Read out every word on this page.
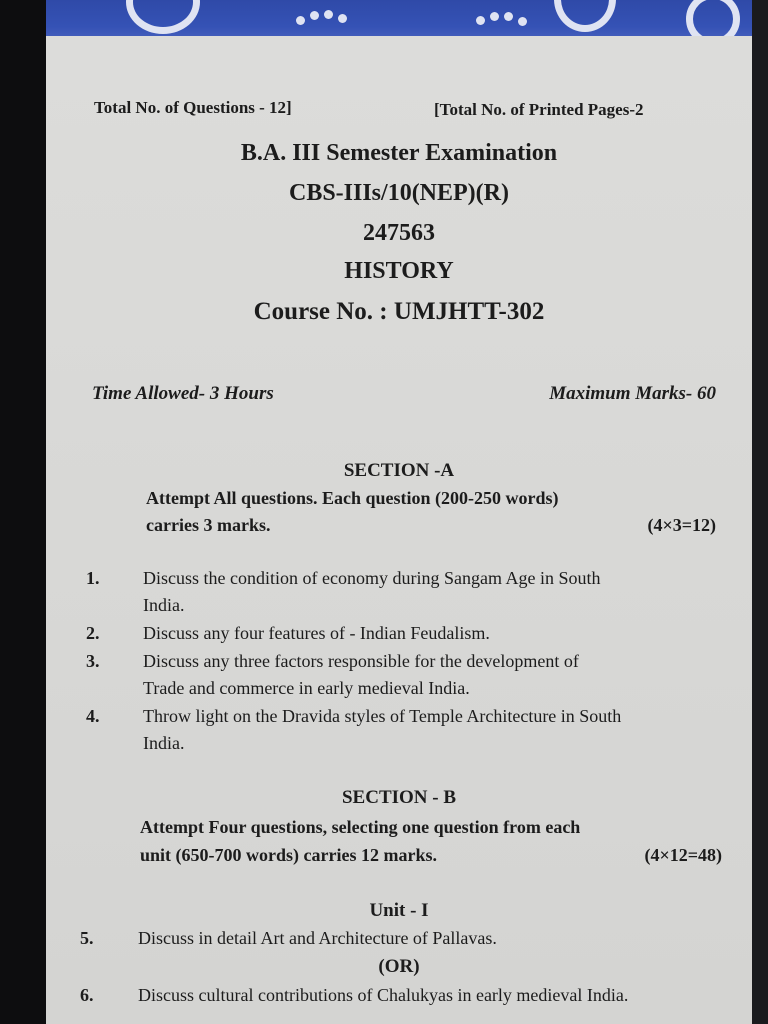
Total No. of Questions - 12]	[Total No. of Printed Pages-2
B.A. III Semester Examination
CBS-IIIs/10(NEP)(R)
247563
HISTORY
Course No. : UMJHTT-302
Time Allowed- 3 Hours	Maximum Marks- 60
SECTION -A
Attempt All questions. Each question (200-250 words)
carries 3 marks.	(4×3=12)
1. Discuss the condition of economy during Sangam Age in South
India.
2. Discuss any four features of - Indian Feudalism.
3. Discuss any three factors responsible for the development of
Trade and commerce in early medieval India.
4. Throw light on the Dravida styles of Temple Architecture in South
India.
SECTION - B
Attempt Four questions, selecting one question from each
unit (650-700 words) carries 12 marks.	(4×12=48)
Unit - I
5. Discuss in detail Art and Architecture of Pallavas.
(OR)
6. Discuss cultural contributions of Chalukyas in early medieval India.
